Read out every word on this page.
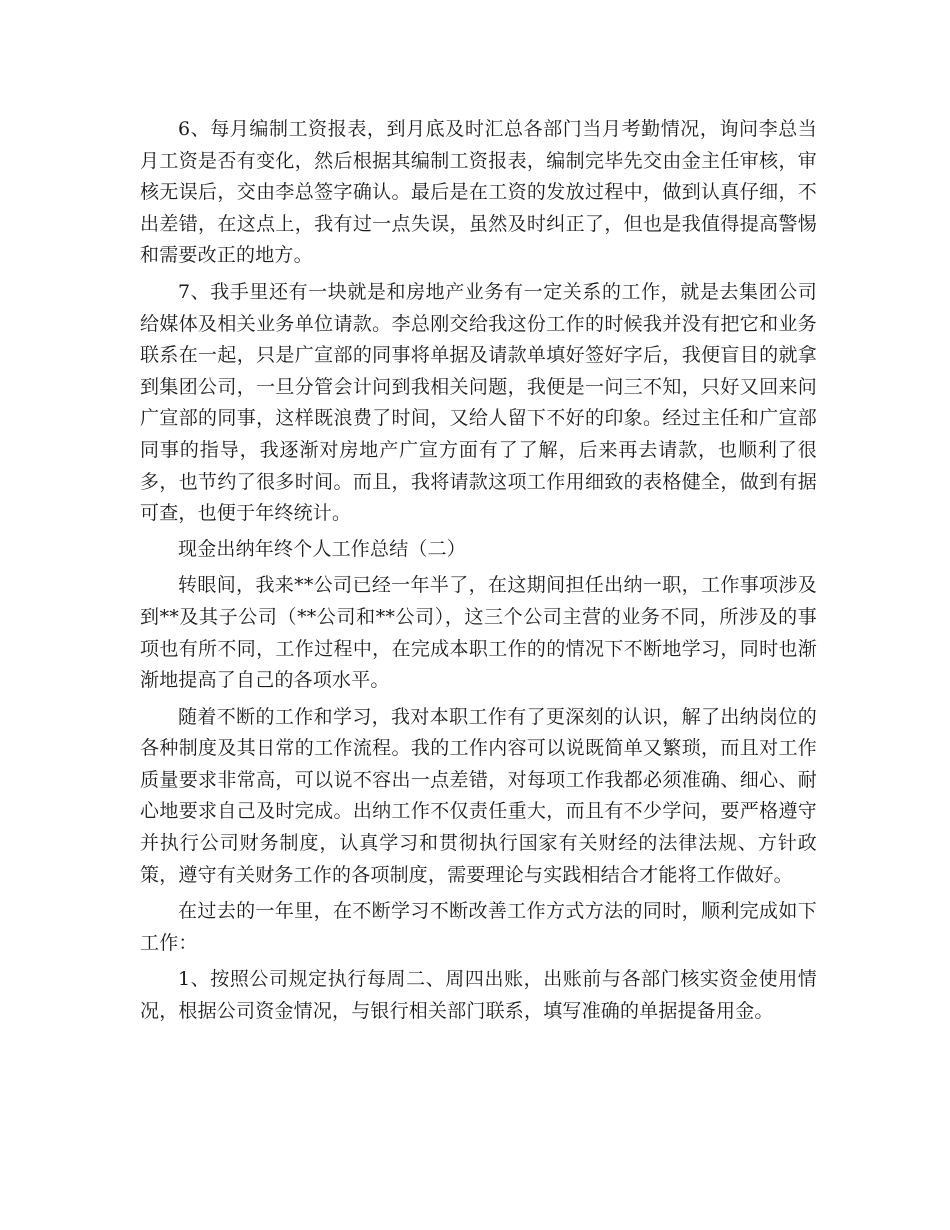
6、每月编制工资报表，到月底及时汇总各部门当月考勤情况，询问李总当月工资是否有变化，然后根据其编制工资报表，编制完毕先交由金主任审核，审核无误后，交由李总签字确认。最后是在工资的发放过程中，做到认真仔细，不出差错，在这点上，我有过一点失误，虽然及时纠正了，但也是我值得提高警惕和需要改正的地方。

7、我手里还有一块就是和房地产业务有一定关系的工作，就是去集团公司给媒体及相关业务单位请款。李总刚交给我这份工作的时候我并没有把它和业务联系在一起，只是广宣部的同事将单据及请款单填好签好字后，我便盲目的就拿到集团公司，一旦分管会计问到我相关问题，我便是一问三不知，只好又回来问广宣部的同事，这样既浪费了时间，又给人留下不好的印象。经过主任和广宣部同事的指导，我逐渐对房地产广宣方面有了了解，后来再去请款，也顺利了很多，也节约了很多时间。而且，我将请款这项工作用细致的表格健全，做到有据可查，也便于年终统计。

现金出纳年终个人工作总结（二）

转眼间，我来**公司已经一年半了，在这期间担任出纳一职，工作事项涉及到**及其子公司（**公司和**公司），这三个公司主营的业务不同，所涉及的事项也有所不同，工作过程中，在完成本职工作的的情况下不断地学习，同时也渐渐地提高了自己的各项水平。

随着不断的工作和学习，我对本职工作有了更深刻的认识，解了出纳岗位的各种制度及其日常的工作流程。我的工作内容可以说既简单又繁琐，而且对工作质量要求非常高，可以说不容出一点差错，对每项工作我都必须准确、细心、耐心地要求自己及时完成。出纳工作不仅责任重大，而且有不少学问，要严格遵守并执行公司财务制度，认真学习和贯彻执行国家有关财经的法律法规、方针政策，遵守有关财务工作的各项制度，需要理论与实践相结合才能将工作做好。

在过去的一年里，在不断学习不断改善工作方式方法的同时，顺利完成如下工作：

1、按照公司规定执行每周二、周四出账，出账前与各部门核实资金使用情况，根据公司资金情况，与银行相关部门联系，填写准确的单据提备用金。
